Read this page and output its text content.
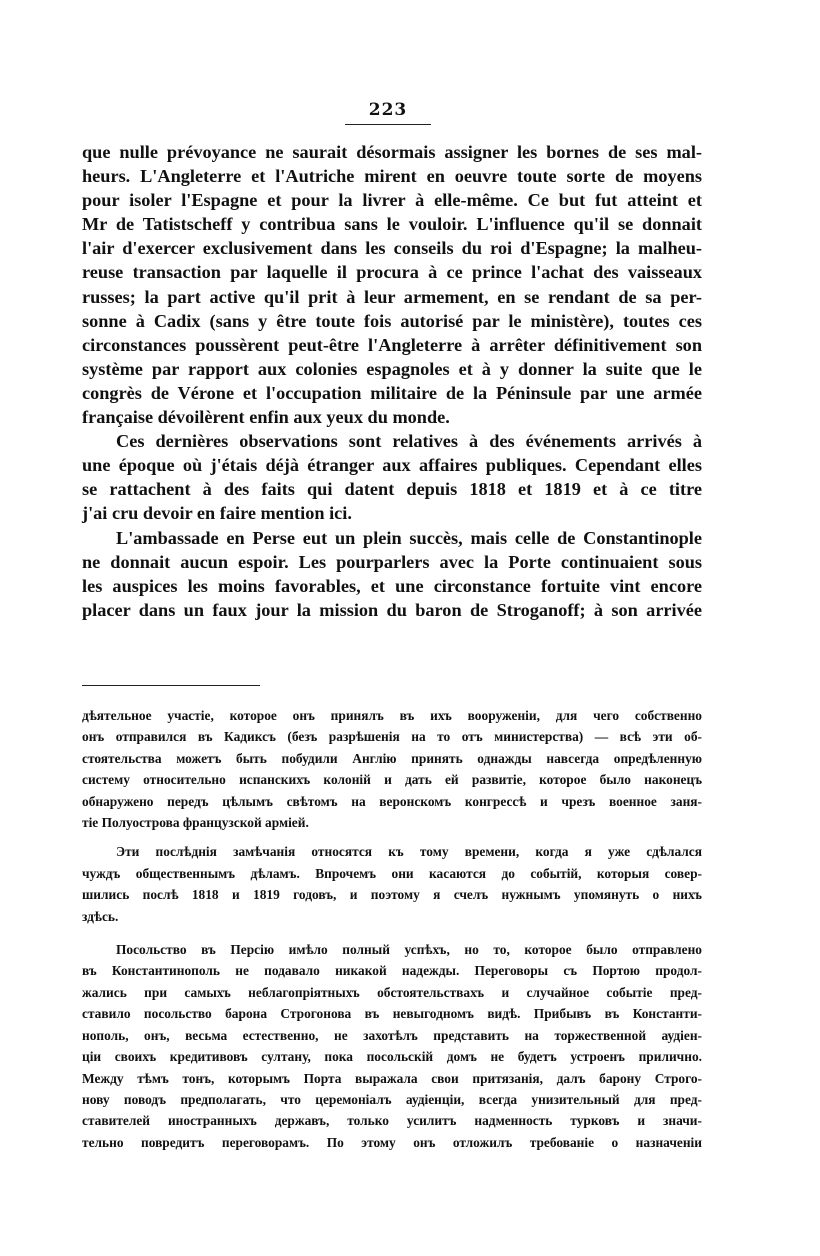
223

que nulle prévoyance ne saurait désormais assigner les bornes de ses mal-

heurs. L'Angleterre et l'Autriche mirent en oeuvre toute sorte de moyens

pour isoler l'Espagne et pour la livrer à elle-même. Ce but fut atteint et

Mr de Tatistscheff y contribua sans le vouloir. L'influence qu'il se donnait

l'air d'exercer exclusivement dans les conseils du roi d'Espagne; la malheu-

reuse transaction par laquelle il procura à ce prince l'achat des vaisseaux

russes; la part active qu'il prit à leur armement, en se rendant de sa per-

sonne à Cadix (sans y être toute fois autorisé par le ministère), toutes ces

circonstances poussèrent peut-être l'Angleterre à arrêter définitivement son

système par rapport aux colonies espagnoles et à y donner la suite que le

congrès de Vérone et l'occupation militaire de la Péninsule par une armée

française dévoilèrent enfin aux yeux du monde.

Ces dernières observations sont relatives à des événements arrivés à

une époque où j'étais déjà étranger aux affaires publiques. Cependant elles

se rattachent à des faits qui datent depuis 1818 et 1819 et à ce titre

j'ai cru devoir en faire mention ici.

L'ambassade en Perse eut un plein succès, mais celle de Constantinople

ne donnait aucun espoir. Les pourparlers avec la Porte continuaient sous

les auspices les moins favorables, et une circonstance fortuite vint encore

placer dans un faux jour la mission du baron de Stroganoff; à son arrivée

дѣятельное участіе, которое онъ принялъ въ ихъ вооруженіи, для чего собственно

онъ отправился въ Кадиксъ (безъ разрѣшенія на то отъ министерства) — всѣ эти об-

стоятельства можетъ быть побудили Англію принять однажды навсегда опредѣленную

систему относительно испанскихъ колоній и дать ей развитіе, которое было наконецъ

обнаружено передъ цѣлымъ свѣтомъ на веронскомъ конгрессѣ и чрезъ военное заня-

тіе Полуострова французской арміей.

Эти послѣднія замѣчанія относятся къ тому времени, когда я уже сдѣлался

чуждъ общественнымъ дѣламъ. Впрочемъ они касаются до событій, которыя совер-

шились послѣ 1818 и 1819 годовъ, и поэтому я счелъ нужнымъ упомянуть о нихъ

здѣсь.

Посольство въ Персію имѣло полный успѣхъ, но то, которое было отправлено

въ Константинополь не подавало никакой надежды. Переговоры съ Портою продол-

жались при самыхъ неблагопріятныхъ обстоятельствахъ и случайное событіе пред-

ставило посольство барона Строгонова въ невыгодномъ видѣ. Прибывъ въ Константи-

нополь, онъ, весьма естественно, не захотѣлъ представить на торжественной аудіен-

ціи своихъ кредитивовъ султану, пока посольскій домъ не будетъ устроенъ прилично.

Между тѣмъ тонъ, которымъ Порта выражала свои притязанія, далъ барону Строго-

нову поводъ предполагать, что церемоніалъ аудіенціи, всегда унизительный для пред-

ставителей иностранныхъ державъ, только усилитъ надменность турковъ и значи-

тельно повредитъ переговорамъ. По этому онъ отложилъ требованіе о назначеніи
